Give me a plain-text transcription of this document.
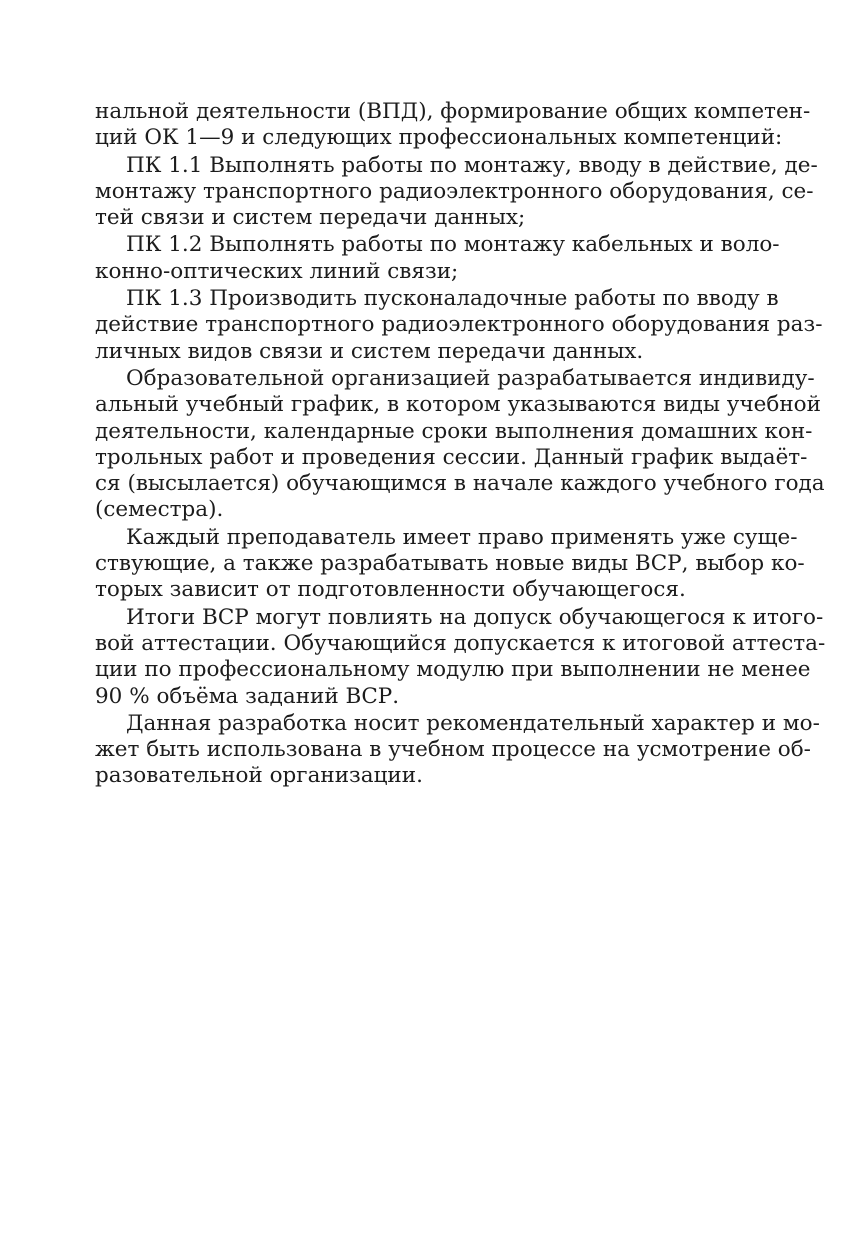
нальной деятельности (ВПД), формирование общих компетен-
ций ОК 1—9 и следующих профессиональных компетенций:
ПК 1.1 Выполнять работы по монтажу, вводу в действие, де-
монтажу транспортного радиоэлектронного оборудования, се-
тей связи и систем передачи данных;
ПК 1.2 Выполнять работы по монтажу кабельных и воло-
конно-оптических линий связи;
ПК 1.3 Производить пусконаладочные работы по вводу в
действие транспортного радиоэлектронного оборудования раз-
личных видов связи и систем передачи данных.
Образовательной организацией разрабатывается индивиду-
альный учебный график, в котором указываются виды учебной
деятельности, календарные сроки выполнения домашних кон-
трольных работ и проведения сессии. Данный график выдаёт-
ся (высылается) обучающимся в начале каждого учебного года
(семестра).
Каждый преподаватель имеет право применять уже суще-
ствующие, а также разрабатывать новые виды ВСР, выбор ко-
торых зависит от подготовленности обучающегося.
Итоги ВСР могут повлиять на допуск обучающегося к итого-
вой аттестации. Обучающийся допускается к итоговой аттеста-
ции по профессиональному модулю при выполнении не менее
90 % объёма заданий ВСР.
Данная разработка носит рекомендательный характер и мо-
жет быть использована в учебном процессе на усмотрение об-
разовательной организации.
